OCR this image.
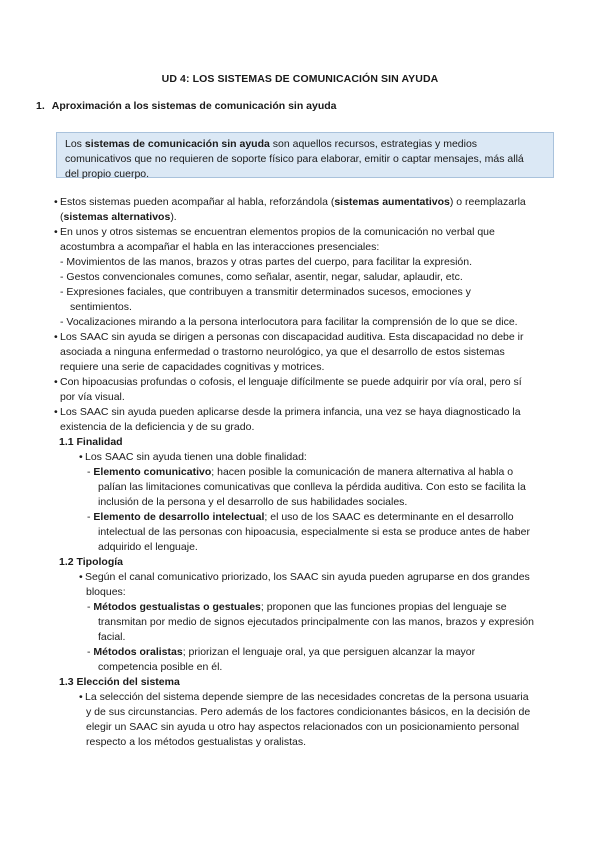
UD 4: LOS SISTEMAS DE COMUNICACIÓN SIN AYUDA
1. Aproximación a los sistemas de comunicación sin ayuda
Los sistemas de comunicación sin ayuda son aquellos recursos, estrategias y medios
comunicativos que no requieren de soporte físico para elaborar, emitir o captar mensajes, más allá
del propio cuerpo.
• Estos sistemas pueden acompañar al habla, reforzándola (sistemas aumentativos) o reemplazarla
(sistemas alternativos).
• En unos y otros sistemas se encuentran elementos propios de la comunicación no verbal que
acostumbra a acompañar el habla en las interacciones presenciales:
- Movimientos de las manos, brazos y otras partes del cuerpo, para facilitar la expresión.
- Gestos convencionales comunes, como señalar, asentir, negar, saludar, aplaudir, etc.
- Expresiones faciales, que contribuyen a transmitir determinados sucesos, emociones y
sentimientos.
- Vocalizaciones mirando a la persona interlocutora para facilitar la comprensión de lo que se dice.
• Los SAAC sin ayuda se dirigen a personas con discapacidad auditiva. Esta discapacidad no debe ir
asociada a ninguna enfermedad o trastorno neurológico, ya que el desarrollo de estos sistemas
requiere una serie de capacidades cognitivas y motrices.
• Con hipoacusias profundas o cofosis, el lenguaje difícilmente se puede adquirir por vía oral, pero sí
por vía visual.
• Los SAAC sin ayuda pueden aplicarse desde la primera infancia, una vez se haya diagnosticado la
existencia de la deficiencia y de su grado.
1.1 Finalidad
• Los SAAC sin ayuda tienen una doble finalidad:
- Elemento comunicativo; hacen posible la comunicación de manera alternativa al habla o
palían las limitaciones comunicativas que conlleva la pérdida auditiva. Con esto se facilita la
inclusión de la persona y el desarrollo de sus habilidades sociales.
- Elemento de desarrollo intelectual; el uso de los SAAC es determinante en el desarrollo
intelectual de las personas con hipoacusia, especialmente si esta se produce antes de haber
adquirido el lenguaje.
1.2 Tipología
• Según el canal comunicativo priorizado, los SAAC sin ayuda pueden agruparse en dos grandes
bloques:
- Métodos gestualistas o gestuales; proponen que las funciones propias del lenguaje se
transmitan por medio de signos ejecutados principalmente con las manos, brazos y expresión
facial.
- Métodos oralistas; priorizan el lenguaje oral, ya que persiguen alcanzar la mayor
competencia posible en él.
1.3 Elección del sistema
• La selección del sistema depende siempre de las necesidades concretas de la persona usuaria
y de sus circunstancias. Pero además de los factores condicionantes básicos, en la decisión de
elegir un SAAC sin ayuda u otro hay aspectos relacionados con un posicionamiento personal
respecto a los métodos gestualistas y oralistas.
